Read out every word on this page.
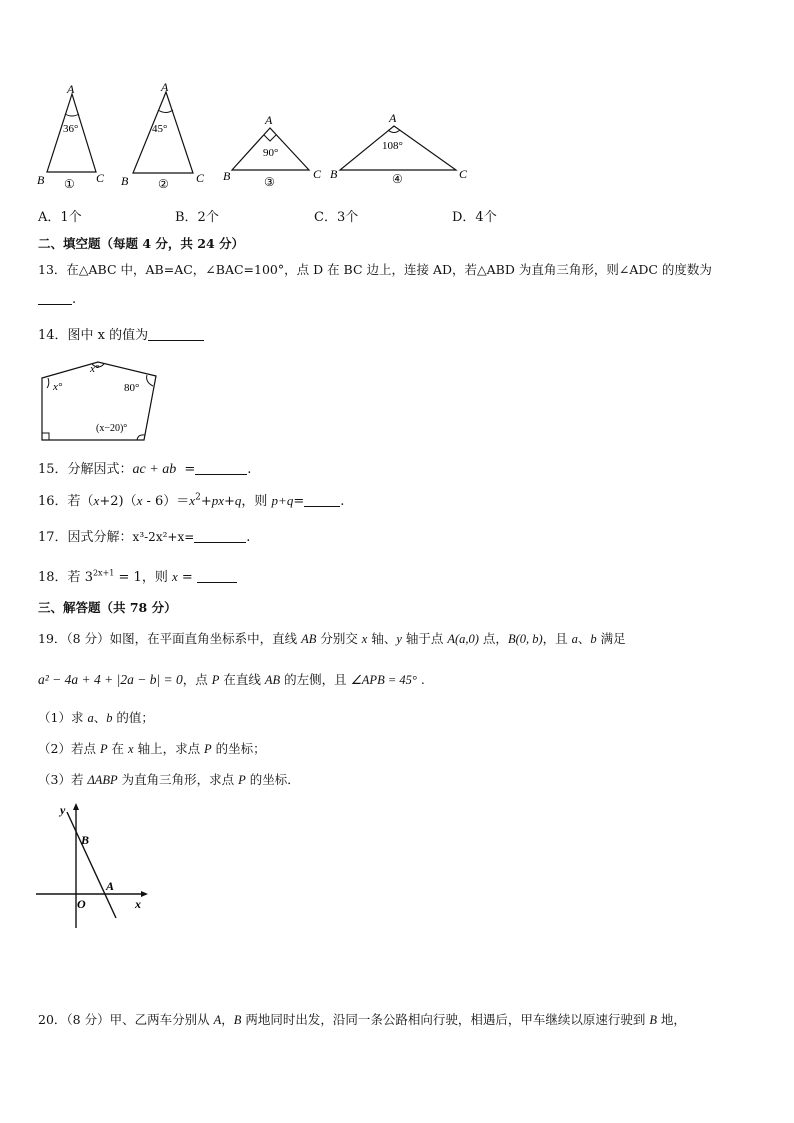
A
36°
B	C
①
A
45°
B	C
②
A
90°
B	C
③
A
108°
B	C
④
A．1个	B．2个	C．3个	D．4个
二、填空题（每题 4 分，共 24 分）
13．在△ABC 中，AB=AC，∠BAC=100°，点 D 在 BC 边上，连接 AD，若△ABD 为直角三角形，则∠ADC 的度数为
.
14．图中 x 的值为
x°
x°	80°
(x−20)°
15．分解因式：ac + ab =	.
16．若$(x+2)(x - 6)=x^2+px+q$，则 p+q=	.
17．因式分解：x³-2x²+x=	.
18．若 $3^{2x+1} = 1$，则 x =
三、解答题（共 78 分）
19．（8 分）如图，在平面直角坐标系中，直线 AB 分别交 x 轴、y 轴于点 A(a,0) 点，B(0, b)，且 a、b 满足
a² − 4a + 4 + |2a − b| = 0，点 P 在直线 AB 的左侧，且 ∠APB = 45° .
（1）求 a、b 的值；
（2）若点 P 在 x 轴上，求点 P 的坐标；
（3）若 ΔABP 为直角三角形，求点 P 的坐标．
y
B
A
O	x
20．（8 分）甲、乙两车分别从 A，B 两地同时出发，沿同一条公路相向行驶，相遇后，甲车继续以原速行驶到 B 地，
